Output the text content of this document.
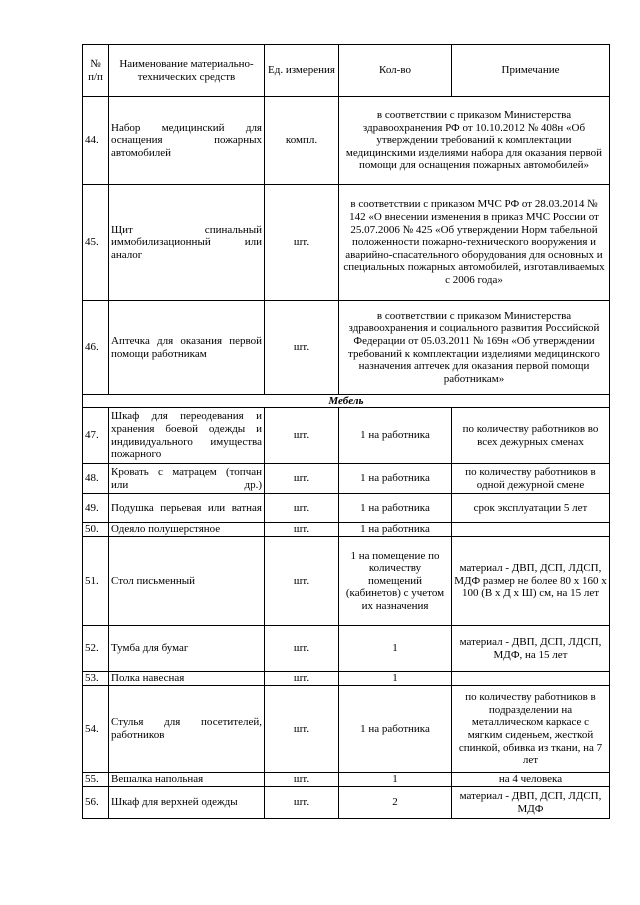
№ п/п	Наименование материально-технических средств	Ед. измерения	Кол-во	Примечание
44.	Набор медицинский для оснащения пожарных автомобилей	компл.	в соответствии с приказом Министерства здравоохранения РФ от 10.10.2012 № 408н «Об утверждении требований к комплектации медицинскими изделиями набора для оказания первой помощи для оснащения пожарных автомобилей»	
45.	Щит спинальный иммобилизационный или аналог	шт.	в соответствии с приказом МЧС РФ от 28.03.2014 № 142 «О внесении изменения в приказ МЧС России от 25.07.2006 № 425 «Об утверждении Норм табельной положенности пожарно-технического вооружения и аварийно-спасательного оборудования для основных и специальных пожарных автомобилей, изготавливаемых с 2006 года»	
46.	Аптечка для оказания первой помощи работникам	шт.	в соответствии с приказом Министерства здравоохранения и социального развития Российской Федерации от 05.03.2011 № 169н «Об утверждении требований к комплектации изделиями медицинского назначения аптечек для оказания первой помощи работникам»	
Мебель				
47.	Шкаф для переодевания и хранения боевой одежды и индивидуального имущества пожарного	шт.	1 на работника	по количеству работников во всех дежурных сменах
48.	Кровать с матрацем (топчан или др.)	шт.	1 на работника	по количеству работников в одной дежурной смене
49.	Подушка перьевая или ватная	шт.	1 на работника	срок эксплуатации 5 лет
50.	Одеяло полушерстяное	шт.	1 на работника	
51.	Стол письменный	шт.	1 на помещение по количеству помещений (кабинетов) с учетом их назначения	материал - ДВП, ДСП, ЛДСП, МДФ размер не более 80 х 160 х 100 (В х Д х Ш) см, на 15 лет
52.	Тумба для бумаг	шт.	1	материал - ДВП, ДСП, ЛДСП, МДФ, на 15 лет
53.	Полка навесная	шт.	1	
54.	Стулья для посетителей, работников	шт.	1 на работника	по количеству работников в подразделении на металлическом каркасе с мягким сиденьем, жесткой спинкой, обивка из ткани, на 7 лет
55.	Вешалка напольная	шт.	1	на 4 человека
56.	Шкаф для верхней одежды	шт.	2	материал - ДВП, ДСП, ЛДСП, МДФ
